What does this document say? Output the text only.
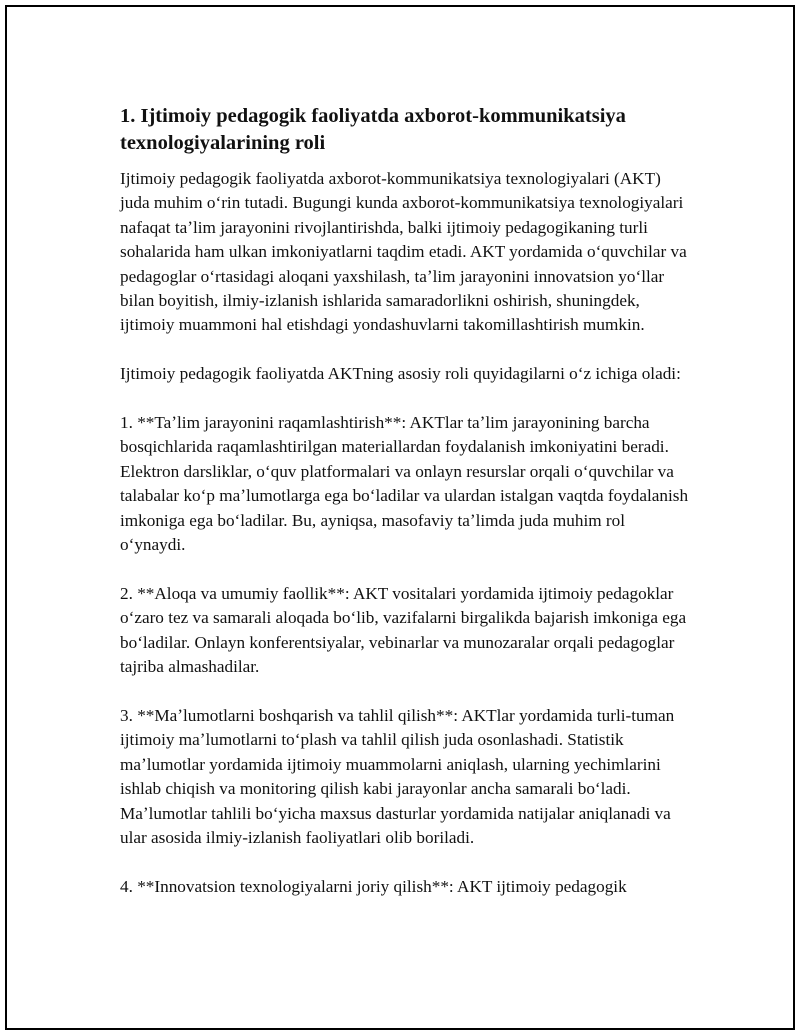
1. Ijtimoiy pedagogik faoliyatda axborot-kommunikatsiya texnologiyalarining roli

Ijtimoiy pedagogik faoliyatda axborot-kommunikatsiya texnologiyalari (AKT) juda muhim oʻrin tutadi. Bugungi kunda axborot-kommunikatsiya texnologiyalari nafaqat taʼlim jarayonini rivojlantirishda, balki ijtimoiy pedagogikaning turli sohalarida ham ulkan imkoniyatlarni taqdim etadi. AKT yordamida oʻquvchilar va pedagoglar oʻrtasidagi aloqani yaxshilash, taʼlim jarayonini innovatsion yoʻllar bilan boyitish, ilmiy-izlanish ishlarida samaradorlikni oshirish, shuningdek, ijtimoiy muammoni hal etishdagi yondashuvlarni takomillashtirish mumkin.

Ijtimoiy pedagogik faoliyatda AKTning asosiy roli quyidagilarni oʻz ichiga oladi:

1. **Taʼlim jarayonini raqamlashtirish**: AKTlar taʼlim jarayonining barcha bosqichlarida raqamlashtirilgan materiallardan foydalanish imkoniyatini beradi. Elektron darsliklar, oʻquv platformalari va onlayn resurslar orqali oʻquvchilar va talabalar koʻp maʼlumotlarga ega boʻladilar va ulardan istalgan vaqtda foydalanish imkoniga ega boʻladilar. Bu, ayniqsa, masofaviy taʼlimda juda muhim rol oʻynaydi.

2. **Aloqa va umumiy faollik**: AKT vositalari yordamida ijtimoiy pedagoklar oʻzaro tez va samarali aloqada boʻlib, vazifalarni birgalikda bajarish imkoniga ega boʻladilar. Onlayn konferentsiyalar, vebinarlar va munozaralar orqali pedagoglar tajriba almashadilar.

3. **Maʼlumotlarni boshqarish va tahlil qilish**: AKTlar yordamida turli-tuman ijtimoiy maʼlumotlarni toʻplash va tahlil qilish juda osonlashadi. Statistik maʼlumotlar yordamida ijtimoiy muammolarni aniqlash, ularning yechimlarini ishlab chiqish va monitoring qilish kabi jarayonlar ancha samarali boʻladi. Maʼlumotlar tahlili boʻyicha maxsus dasturlar yordamida natijalar aniqlanadi va ular asosida ilmiy-izlanish faoliyatlari olib boriladi.

4. **Innovatsion texnologiyalarni joriy qilish**: AKT ijtimoiy pedagogik
